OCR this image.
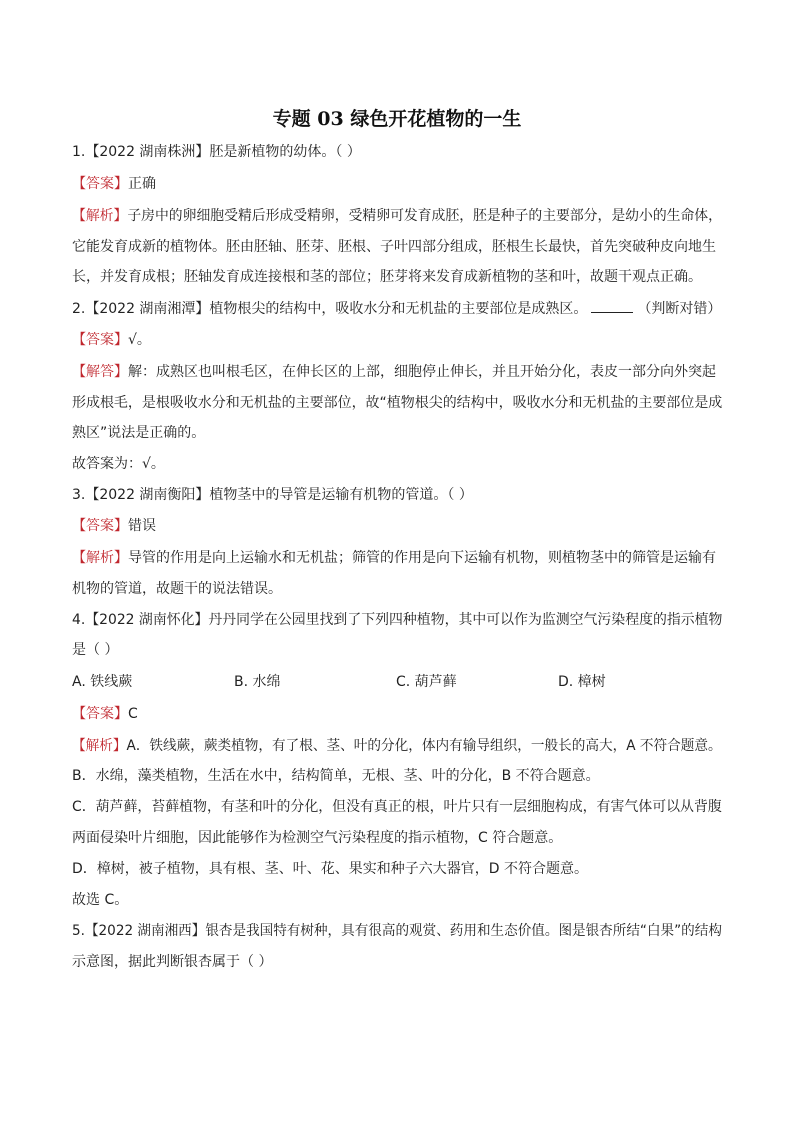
专题 03 绿色开花植物的一生
1.【2022 湖南株洲】胚是新植物的幼体。（ ）
【答案】正确
【解析】子房中的卵细胞受精后形成受精卵，受精卵可发育成胚，胚是种子的主要部分，是幼小的生命体，
它能发育成新的植物体。胚由胚轴、胚芽、胚根、子叶四部分组成，胚根生长最快，首先突破种皮向地生
长，并发育成根；胚轴发育成连接根和茎的部位；胚芽将来发育成新植物的茎和叶，故题干观点正确。
2.【2022 湖南湘潭】植物根尖的结构中，吸收水分和无机盐的主要部位是成熟区。	（判断对错）
【答案】√。
【解答】解：成熟区也叫根毛区，在伸长区的上部，细胞停止伸长，并且开始分化，表皮一部分向外突起
形成根毛，是根吸收水分和无机盐的主要部位，故“植物根尖的结构中，吸收水分和无机盐的主要部位是成
熟区”说法是正确的。
故答案为：√。
3.【2022 湖南衡阳】植物茎中的导管是运输有机物的管道。（ ）
【答案】错误
【解析】导管的作用是向上运输水和无机盐；筛管的作用是向下运输有机物，则植物茎中的筛管是运输有
机物的管道，故题干的说法错误。
4.【2022 湖南怀化】丹丹同学在公园里找到了下列四种植物，其中可以作为监测空气污染程度的指示植物
是（ ）
A. 铁线蕨	B. 水绵	C. 葫芦藓	D. 樟树
【答案】C
【解析】A．铁线蕨，蕨类植物，有了根、茎、叶的分化，体内有输导组织，一般长的高大，A 不符合题意。
B．水绵，藻类植物，生活在水中，结构简单，无根、茎、叶的分化，B 不符合题意。
C．葫芦藓，苔藓植物，有茎和叶的分化，但没有真正的根，叶片只有一层细胞构成，有害气体可以从背腹
两面侵染叶片细胞，因此能够作为检测空气污染程度的指示植物，C 符合题意。
D．樟树，被子植物，具有根、茎、叶、花、果实和种子六大器官，D 不符合题意。
故选 C。
5.【2022 湖南湘西】银杏是我国特有树种，具有很高的观赏、药用和生态价值。图是银杏所结“白果”的结构
示意图，据此判断银杏属于（ ）
